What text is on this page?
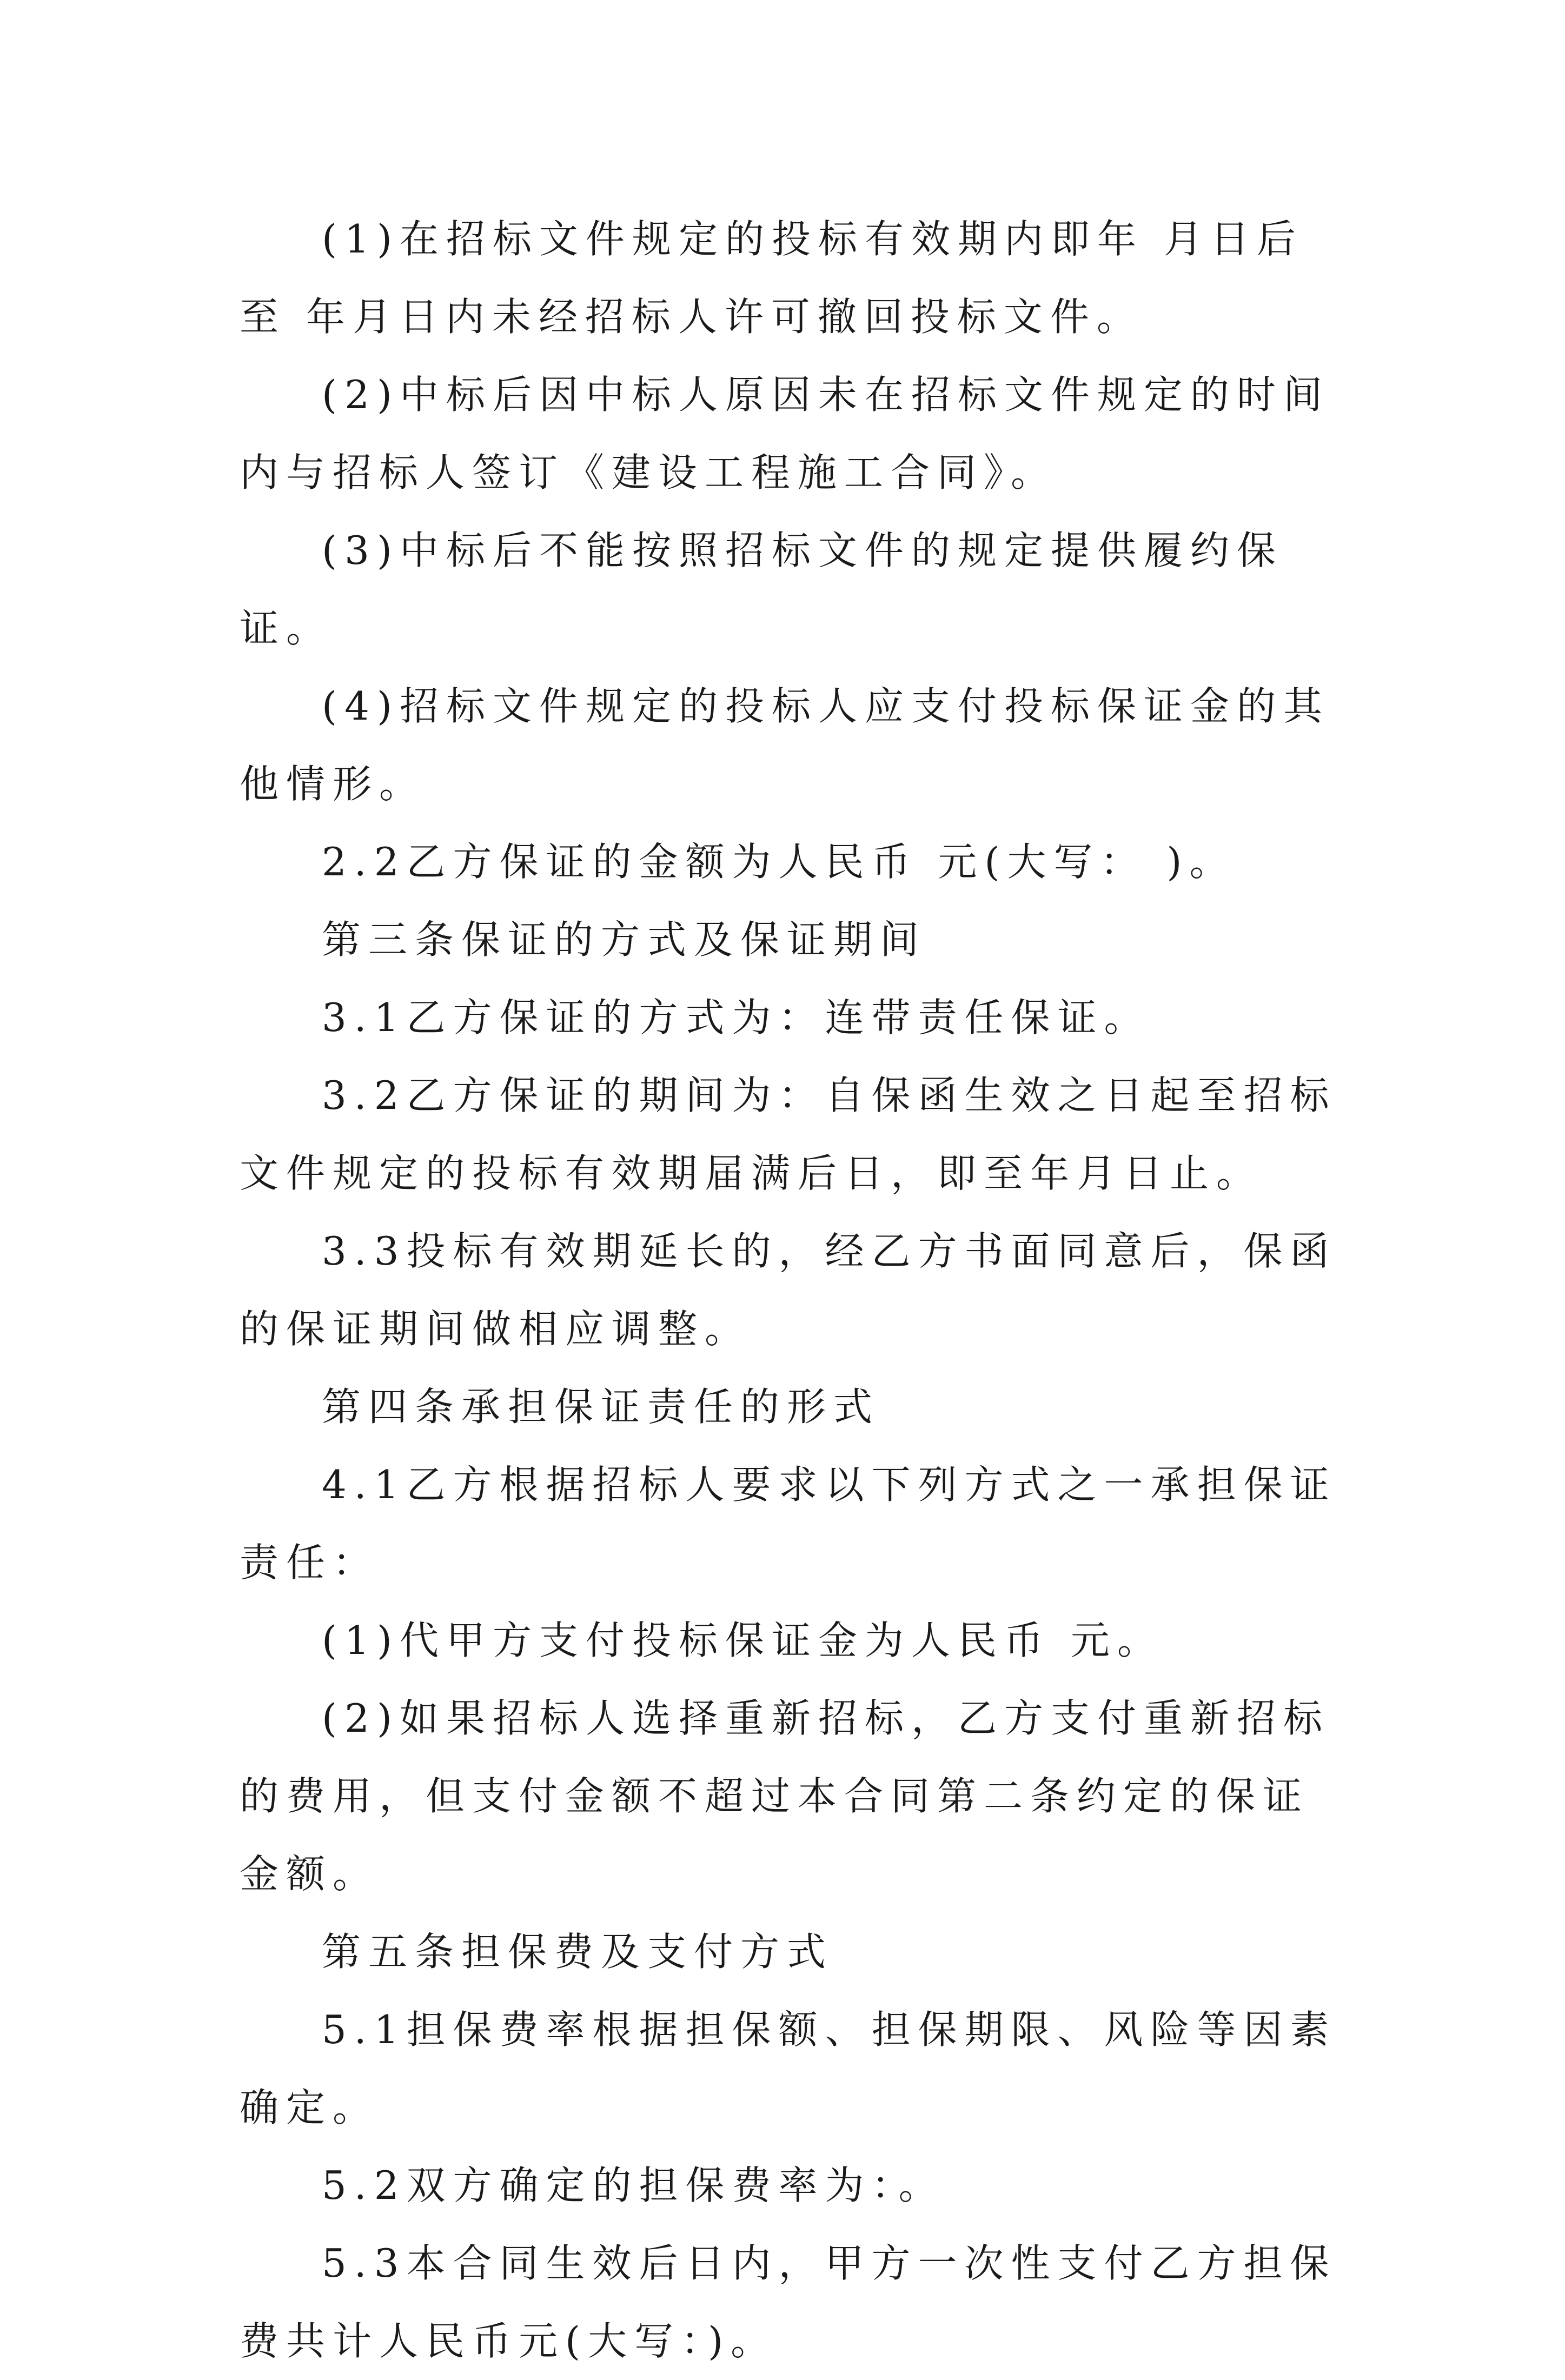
(1)在招标文件规定的投标有效期内即年 月日后至 年月日内未经招标人许可撤回投标文件。

(2)中标后因中标人原因未在招标文件规定的时间内与招标人签订《建设工程施工合同》。

(3)中标后不能按照招标文件的规定提供履约保证。

(4)招标文件规定的投标人应支付投标保证金的其他情形。

2.2乙方保证的金额为人民币 元(大写： )。

第三条保证的方式及保证期间

3.1乙方保证的方式为：连带责任保证。

3.2乙方保证的期间为：自保函生效之日起至招标文件规定的投标有效期届满后日，即至年月日止。

3.3投标有效期延长的，经乙方书面同意后，保函的保证期间做相应调整。

第四条承担保证责任的形式

4.1乙方根据招标人要求以下列方式之一承担保证责任：

(1)代甲方支付投标保证金为人民币 元。

(2)如果招标人选择重新招标，乙方支付重新招标的费用，但支付金额不超过本合同第二条约定的保证金额。

第五条担保费及支付方式

5.1担保费率根据担保额、担保期限、风险等因素确定。

5.2双方确定的担保费率为：。

5.3本合同生效后日内，甲方一次性支付乙方担保费共计人民币元(大写：)。
